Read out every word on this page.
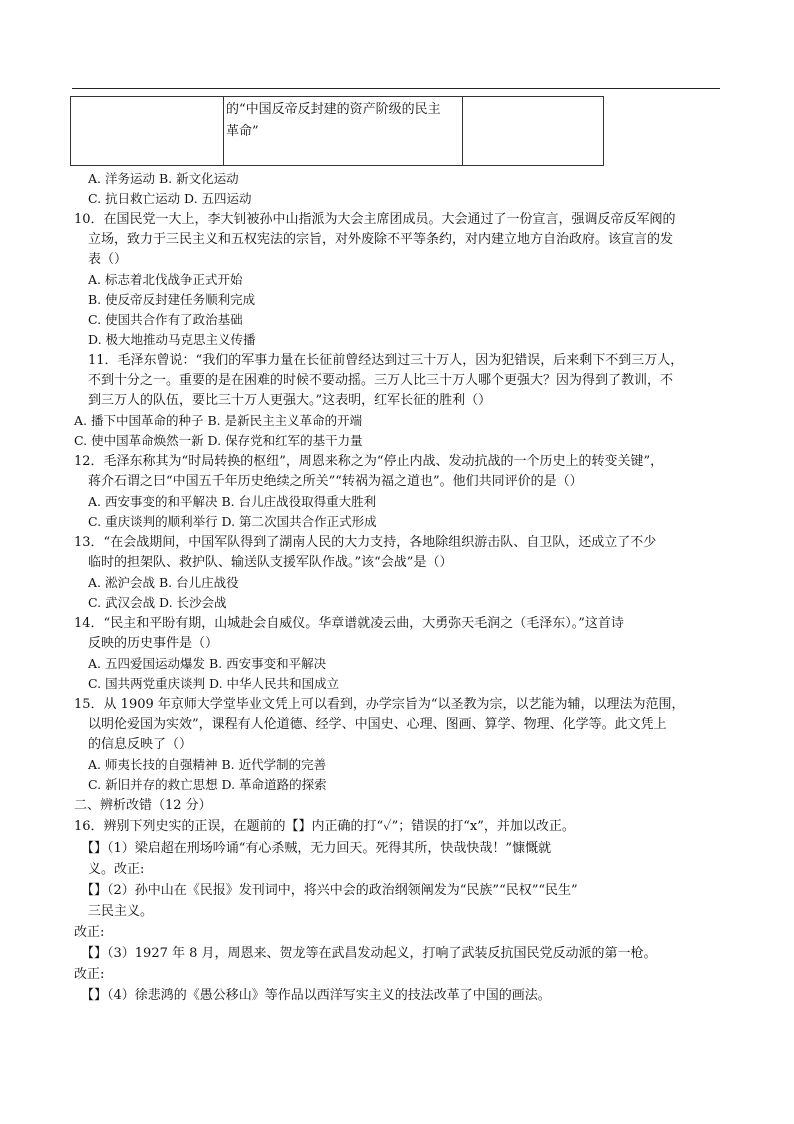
的“中国反帝反封建的资产阶级的民主
革命”

A. 洋务运动 B. 新文化运动
C. 抗日救亡运动 D. 五四运动
10．在国民党一大上，李大钊被孙中山指派为大会主席团成员。大会通过了一份宣言，强调反帝反军阀的
立场，致力于三民主义和五权宪法的宗旨，对外废除不平等条约，对内建立地方自治政府。该宣言的发
表（）
A. 标志着北伐战争正式开始
B. 使反帝反封建任务顺利完成
C. 使国共合作有了政治基础
D. 极大地推动马克思主义传播
11．毛泽东曾说：“我们的军事力量在长征前曾经达到过三十万人，因为犯错误，后来剩下不到三万人，
不到十分之一。重要的是在困难的时候不要动摇。三万人比三十万人哪个更强大？因为得到了教训，不
到三万人的队伍，要比三十万人更强大。”这表明，红军长征的胜利（）
A. 播下中国革命的种子 B. 是新民主主义革命的开端
C. 使中国革命焕然一新 D. 保存党和红军的基干力量
12．毛泽东称其为“时局转换的枢纽”，周恩来称之为“停止内战、发动抗战的一个历史上的转变关键”，
蒋介石谓之曰“中国五千年历史绝续之所关”“转祸为福之道也”。他们共同评价的是（）
A. 西安事变的和平解决 B. 台儿庄战役取得重大胜利
C. 重庆谈判的顺利举行 D. 第二次国共合作正式形成
13．“在会战期间，中国军队得到了湖南人民的大力支持，各地除组织游击队、自卫队，还成立了不少
临时的担架队、救护队、输送队支援军队作战。”该“会战”是（）
A. 淞沪会战 B. 台儿庄战役
C. 武汉会战 D. 长沙会战
14．“民主和平盼有期，山城赴会自威仪。华章谱就凌云曲，大勇弥天毛润之（毛泽东）。”这首诗
反映的历史事件是（）
A. 五四爱国运动爆发 B. 西安事变和平解决
C. 国共两党重庆谈判 D. 中华人民共和国成立
15．从 1909 年京师大学堂毕业文凭上可以看到，办学宗旨为“以圣教为宗，以艺能为辅，以理法为范围，
以明伦爱国为实效”，课程有人伦道德、经学、中国史、心理、图画、算学、物理、化学等。此文凭上
的信息反映了（）
A. 师夷长技的自强精神 B. 近代学制的完善
C. 新旧并存的救亡思想 D. 革命道路的探索
二、辨析改错（12 分）
16．辨别下列史实的正误，在题前的【】内正确的打“✓”；错误的打“x”，并加以改正。
【】（1）梁启超在刑场吟诵“有心杀贼，无力回天。死得其所，快哉快哉！”慷慨就
义。改正:
【】（2）孙中山在《民报》发刊词中，将兴中会的政治纲领阐发为“民族”“民权”“民生”
三民主义。
改正:
【】（3）1927 年 8 月，周恩来、贺龙等在武昌发动起义，打响了武装反抗国民党反动派的第一枪。
改正:
【】（4）徐悲鸿的《愚公移山》等作品以西洋写实主义的技法改革了中国的画法。
